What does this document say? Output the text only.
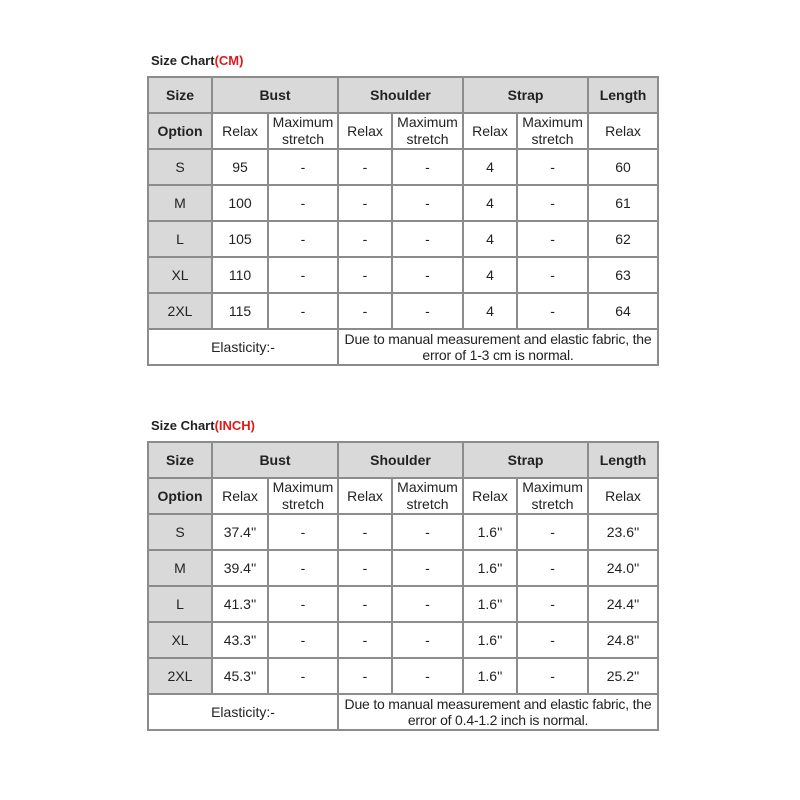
Size Chart(CM)
Size	Bust		Shoulder		Strap		Length
Option	Relax	Maximum stretch	Relax	Maximum stretch	Relax	Maximum stretch	Relax
S	95	-	-	-	4	-	60
M	100	-	-	-	4	-	61
L	105	-	-	-	4	-	62
XL	110	-	-	-	4	-	63
2XL	115	-	-	-	4	-	64
Elasticity:-			Due to manual measurement and elastic fabric, the error of 1-3 cm is normal.				
Size Chart(INCH)
Size	Bust		Shoulder		Strap		Length
Option	Relax	Maximum stretch	Relax	Maximum stretch	Relax	Maximum stretch	Relax
S	37.4''	-	-	-	1.6''	-	23.6''
M	39.4''	-	-	-	1.6''	-	24.0''
L	41.3''	-	-	-	1.6''	-	24.4''
XL	43.3''	-	-	-	1.6''	-	24.8''
2XL	45.3''	-	-	-	1.6''	-	25.2''
Elasticity:-			Due to manual measurement and elastic fabric, the error of 0.4-1.2 inch is normal.				
